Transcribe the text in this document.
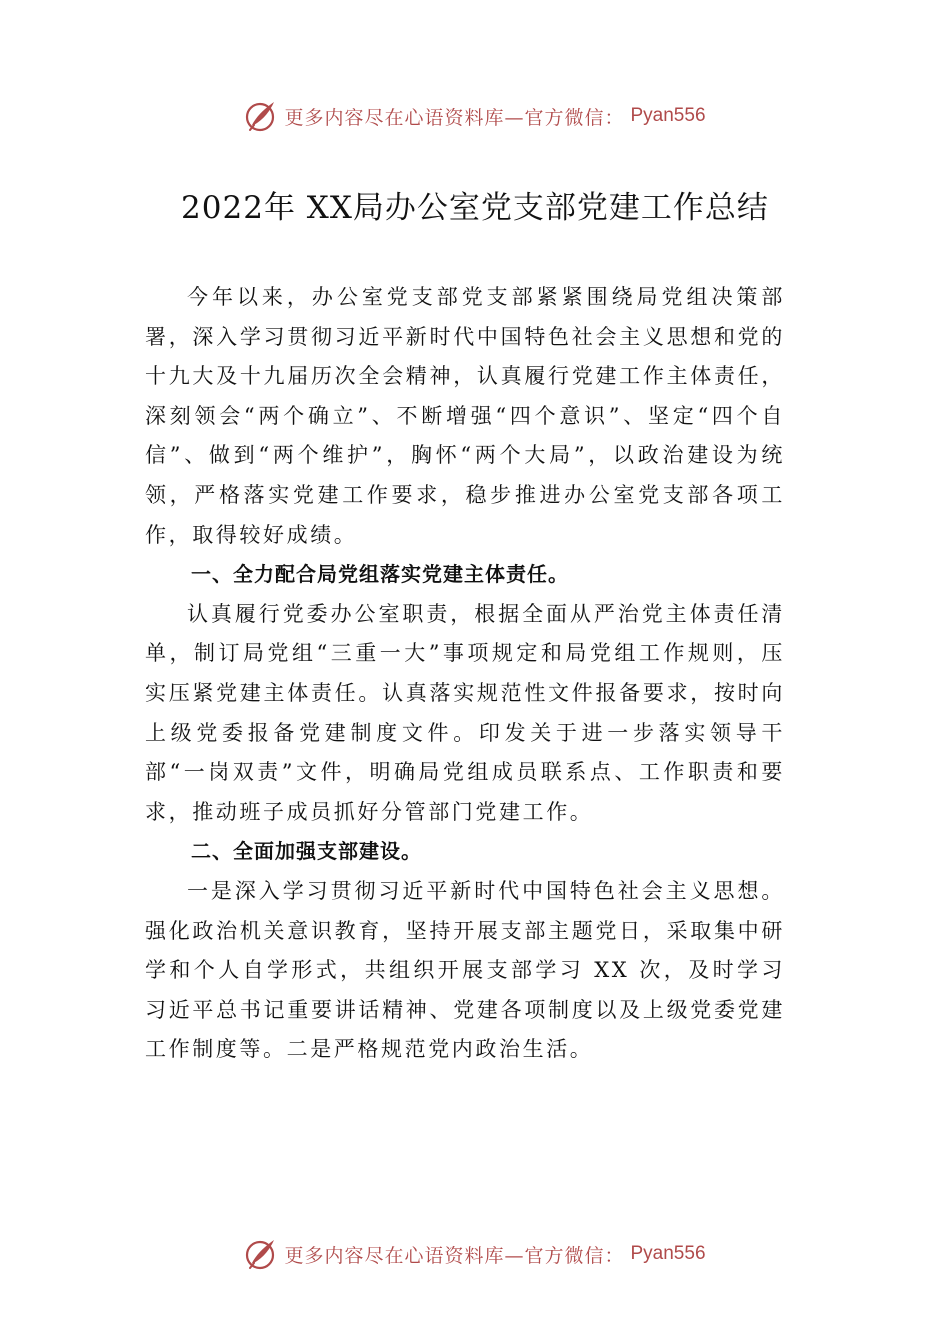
更多内容尽在心语资料库—官方微信： Pyan556
2022年 XX局办公室党支部党建工作总结

今年以来，办公室党支部党支部紧紧围绕局党组决策部署，深入学习贯彻习近平新时代中国特色社会主义思想和党的十九大及十九届历次全会精神，认真履行党建工作主体责任，深刻领会“两个确立”、不断增强“四个意识”、坚定“四个自信”、做到“两个维护”，胸怀“两个大局”，以政治建设为统领，严格落实党建工作要求，稳步推进办公室党支部各项工作，取得较好成绩。

一、全力配合局党组落实党建主体责任。

认真履行党委办公室职责，根据全面从严治党主体责任清单，制订局党组“三重一大”事项规定和局党组工作规则，压实压紧党建主体责任。认真落实规范性文件报备要求，按时向上级党委报备党建制度文件。印发关于进一步落实领导干部“一岗双责”文件，明确局党组成员联系点、工作职责和要求，推动班子成员抓好分管部门党建工作。

二、全面加强支部建设。

一是深入学习贯彻习近平新时代中国特色社会主义思想。强化政治机关意识教育，坚持开展支部主题党日，采取集中研学和个人自学形式，共组织开展支部学习 XX 次，及时学习习近平总书记重要讲话精神、党建各项制度以及上级党委党建工作制度等。二是严格规范党内政治生活。

更多内容尽在心语资料库—官方微信： Pyan556
